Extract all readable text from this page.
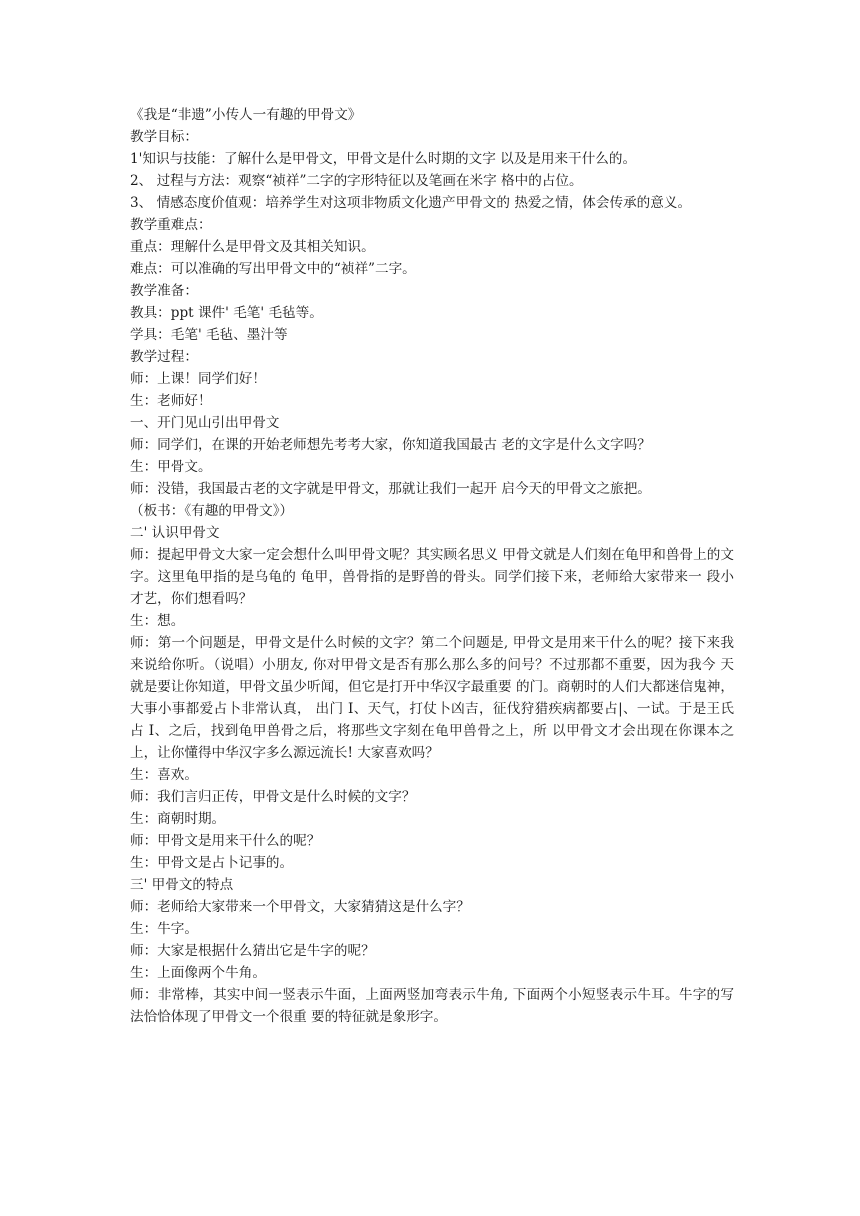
《我是“非遗”小传人一有趣的甲骨文》

教学目标：

1'知识与技能：了解什么是甲骨文，甲骨文是什么时期的文字 以及是用来干什么的。

2、 过程与方法：观察“祯祥”二字的字形特征以及笔画在米字 格中的占位。

3、 情感态度价值观：培养学生对这项非物质文化遗产甲骨文的 热爱之情，体会传承的意义。

教学重难点：

重点：理解什么是甲骨文及其相关知识。

难点：可以准确的写出甲骨文中的“祯祥”二字。

教学准备：

教具：ppt 课件' 毛笔' 毛毡等。

学具：毛笔' 毛毡、墨汁等

教学过程：

师：上课！同学们好！

生：老师好！

一、开门见山引出甲骨文

师：同学们，在课的开始老师想先考考大家，你知道我国最古 老的文字是什么文字吗？

生：甲骨文。

师：没错，我国最古老的文字就是甲骨文，那就让我们一起开 启今天的甲骨文之旅把。

（板书：《有趣的甲骨文》）

二' 认识甲骨文

师：提起甲骨文大家一定会想什么叫甲骨文呢？其实顾名思义 甲骨文就是人们刻在龟甲和兽骨上的文字。这里龟甲指的是乌龟的 龟甲，兽骨指的是野兽的骨头。同学们接下来，老师给大家带来一 段小才艺，你们想看吗？

生：想。

师：第一个问题是，甲骨文是什么时候的文字？第二个问题是, 甲骨文是用来干什么的呢？接下来我来说给你听。（说唱）小朋友, 你对甲骨文是否有那么那么多的问号？不过那都不重要，因为我今 天就是要让你知道，甲骨文虽少听闻，但它是打开中华汉字最重要 的门。商朝时的人们大都迷信鬼神，大事小事都爱占卜非常认真， 出门 I、天气，打仗卜凶吉，征伐狩猎疾病都要占|、一试。于是王氏 占 I、之后，找到龟甲兽骨之后，将那些文字刻在龟甲兽骨之上，所 以甲骨文才会出现在你课本之上，让你懂得中华汉字多么源远流长! 大家喜欢吗？

生：喜欢。

师：我们言归正传，甲骨文是什么时候的文字？

生：商朝时期。

师：甲骨文是用来干什么的呢？

生：甲骨文是占卜记事的。

三' 甲骨文的特点

师：老师给大家带来一个甲骨文，大家猜猜这是什么字？

生：牛字。

师：大家是根据什么猜出它是牛字的呢？

生：上面像两个牛角。

师：非常棒，其实中间一竖表示牛面，上面两竖加弯表示牛角, 下面两个小短竖表示牛耳。牛字的写法恰恰体现了甲骨文一个很重 要的特征就是象形字。
